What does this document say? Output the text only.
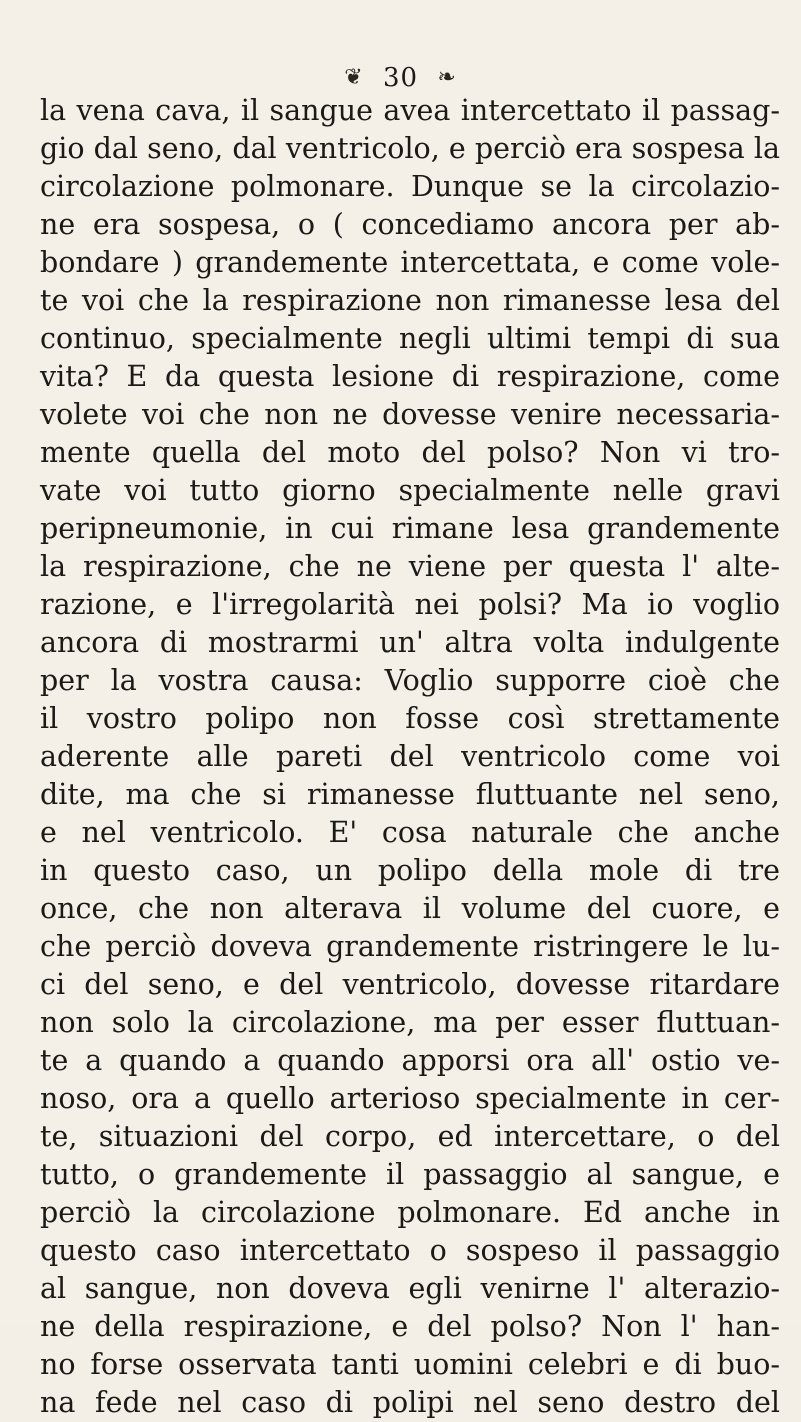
❦ 30 ❧
la vena cava, il sangue avea intercettato il passag-
gio dal seno, dal ventricolo, e perciò era sospesa la
circolazione polmonare. Dunque se la circolazio-
ne era sospesa, o ( concediamo ancora per ab-
bondare ) grandemente intercettata, e come vole-
te voi che la respirazione non rimanesse lesa del
continuo, specialmente negli ultimi tempi di sua
vita? E da questa lesione di respirazione, come
volete voi che non ne dovesse venire necessaria-
mente quella del moto del polso? Non vi tro-
vate voi tutto giorno specialmente nelle gravi
peripneumonie, in cui rimane lesa grandemente
la respirazione, che ne viene per questa l' alte-
razione, e l'irregolarità nei polsi? Ma io voglio
ancora di mostrarmi un' altra volta indulgente
per la vostra causa: Voglio supporre cioè che
il vostro polipo non fosse così strettamente
aderente alle pareti del ventricolo come voi
dite, ma che si rimanesse fluttuante nel seno,
e nel ventricolo. E' cosa naturale che anche
in questo caso, un polipo della mole di tre
once, che non alterava il volume del cuore, e
che perciò doveva grandemente ristringere le lu-
ci del seno, e del ventricolo, dovesse ritardare
non solo la circolazione, ma per esser fluttuan-
te a quando a quando apporsi ora all' ostio ve-
noso, ora a quello arterioso specialmente in cer-
te, situazioni del corpo, ed intercettare, o del
tutto, o grandemente il passaggio al sangue, e
perciò la circolazione polmonare. Ed anche in
questo caso intercettato o sospeso il passaggio
al sangue, non doveva egli venirne l' alterazio-
ne della respirazione, e del polso? Non l' han-
no forse osservata tanti uomini celebri e di buo-
na fede nel caso di polipi nel seno destro del
